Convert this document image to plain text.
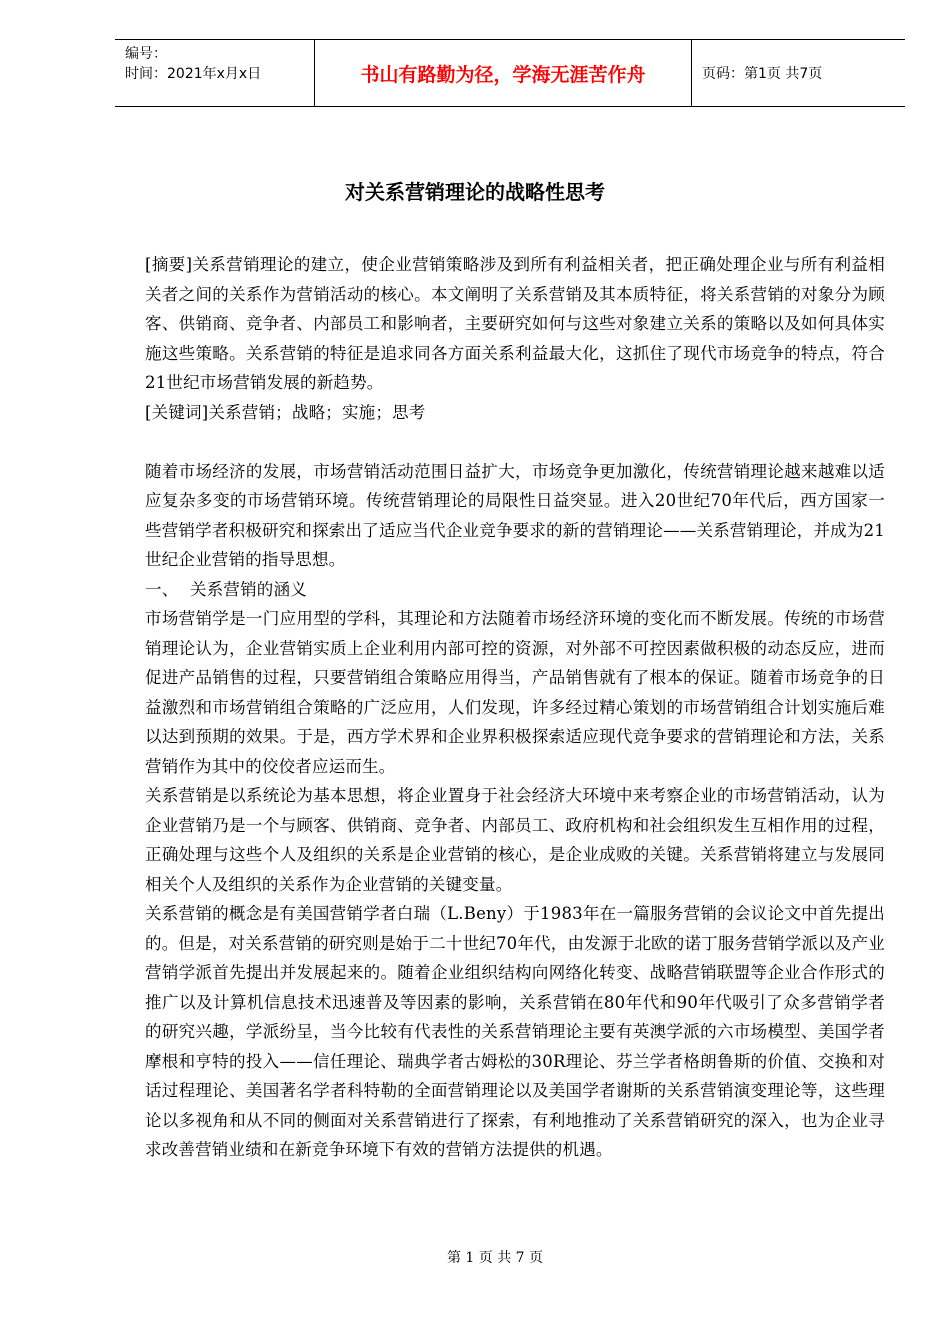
编号：
时间：2021年x月x日	书山有路勤为径，学海无涯苦作舟	页码：第1页 共7页
对关系营销理论的战略性思考

[摘要]关系营销理论的建立，使企业营销策略涉及到所有利益相关者，把正确处理企业与所有利益相关者之间的关系作为营销活动的核心。本文阐明了关系营销及其本质特征，将关系营销的对象分为顾客、供销商、竞争者、内部员工和影响者，主要研究如何与这些对象建立关系的策略以及如何具体实施这些策略。关系营销的特征是追求同各方面关系利益最大化，这抓住了现代市场竞争的特点，符合21世纪市场营销发展的新趋势。

[关键词]关系营销；战略；实施；思考

随着市场经济的发展，市场营销活动范围日益扩大，市场竞争更加激化，传统营销理论越来越难以适应复杂多变的市场营销环境。传统营销理论的局限性日益突显。进入20世纪70年代后，西方国家一些营销学者积极研究和探索出了适应当代企业竞争要求的新的营销理论——关系营销理论，并成为21世纪企业营销的指导思想。

一、 关系营销的涵义

市场营销学是一门应用型的学科，其理论和方法随着市场经济环境的变化而不断发展。传统的市场营销理论认为，企业营销实质上企业利用内部可控的资源，对外部不可控因素做积极的动态反应，进而促进产品销售的过程，只要营销组合策略应用得当，产品销售就有了根本的保证。随着市场竞争的日益激烈和市场营销组合策略的广泛应用，人们发现，许多经过精心策划的市场营销组合计划实施后难以达到预期的效果。于是，西方学术界和企业界积极探索适应现代竞争要求的营销理论和方法，关系营销作为其中的佼佼者应运而生。

关系营销是以系统论为基本思想，将企业置身于社会经济大环境中来考察企业的市场营销活动，认为企业营销乃是一个与顾客、供销商、竞争者、内部员工、政府机构和社会组织发生互相作用的过程，正确处理与这些个人及组织的关系是企业营销的核心，是企业成败的关键。关系营销将建立与发展同相关个人及组织的关系作为企业营销的关键变量。

关系营销的概念是有美国营销学者白瑞（L.Beny）于1983年在一篇服务营销的会议论文中首先提出的。但是，对关系营销的研究则是始于二十世纪70年代，由发源于北欧的诺丁服务营销学派以及产业营销学派首先提出并发展起来的。随着企业组织结构向网络化转变、战略营销联盟等企业合作形式的推广以及计算机信息技术迅速普及等因素的影响，关系营销在80年代和90年代吸引了众多营销学者的研究兴趣，学派纷呈，当今比较有代表性的关系营销理论主要有英澳学派的六市场模型、美国学者摩根和亨特的投入——信任理论、瑞典学者古姆松的30R理论、芬兰学者格朗鲁斯的价值、交换和对话过程理论、美国著名学者科特勒的全面营销理论以及美国学者谢斯的关系营销演变理论等，这些理论以多视角和从不同的侧面对关系营销进行了探索，有利地推动了关系营销研究的深入，也为企业寻求改善营销业绩和在新竞争环境下有效的营销方法提供的机遇。

第 1 页 共 7 页
